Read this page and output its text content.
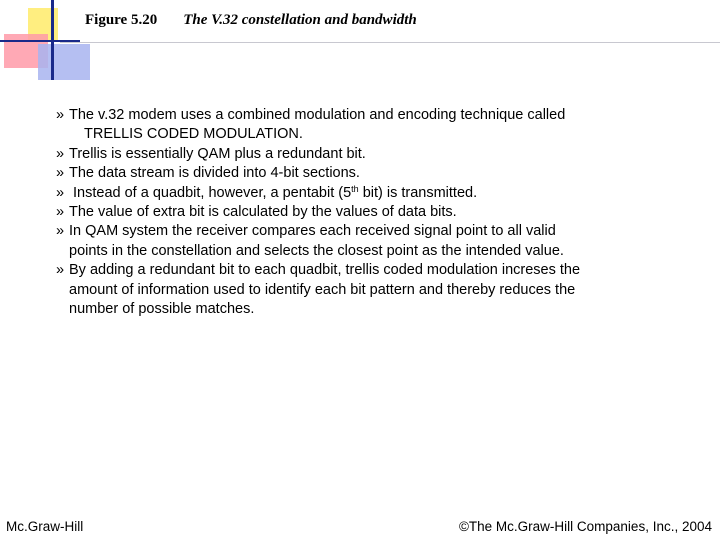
Figure 5.20 The V.32 constellation and bandwidth
» The v.32 modem uses a combined modulation and encoding technique called
TRELLIS CODED MODULATION.
» Trellis is essentially QAM plus a redundant bit.
» The data stream is divided into 4-bit sections.
» Instead of a quadbit, however, a pentabit (5th bit) is transmitted.
» The value of extra bit is calculated by the values of data bits.
» In QAM system the receiver compares each received signal point to all valid
points in the constellation and selects the closest point as the intended value.
» By adding a redundant bit to each quadbit, trellis coded modulation increses the
amount of information used to identify each bit pattern and thereby reduces the
number of possible matches.
Mc.Graw-Hill	©The Mc.Graw-Hill Companies, Inc., 2004
